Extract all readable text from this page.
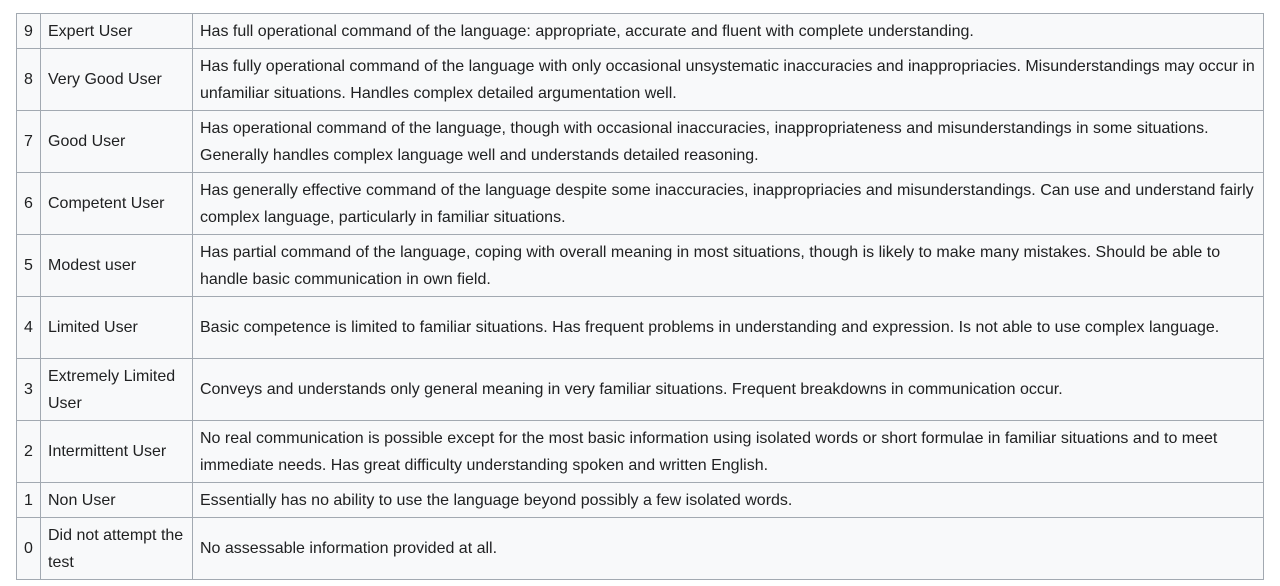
9	Expert User	Has full operational command of the language: appropriate, accurate and fluent with complete understanding.
8	Very Good User	Has fully operational command of the language with only occasional unsystematic inaccuracies and inappropriacies. Misunderstandings may occur in unfamiliar situations. Handles complex detailed argumentation well.
7	Good User	Has operational command of the language, though with occasional inaccuracies, inappropriateness and misunderstandings in some situations. Generally handles complex language well and understands detailed reasoning.
6	Competent User	Has generally effective command of the language despite some inaccuracies, inappropriacies and misunderstandings. Can use and understand fairly complex language, particularly in familiar situations.
5	Modest user	Has partial command of the language, coping with overall meaning in most situations, though is likely to make many mistakes. Should be able to handle basic communication in own field.
4	Limited User	Basic competence is limited to familiar situations. Has frequent problems in understanding and expression. Is not able to use complex language.
3	Extremely Limited User	Conveys and understands only general meaning in very familiar situations. Frequent breakdowns in communication occur.
2	Intermittent User	No real communication is possible except for the most basic information using isolated words or short formulae in familiar situations and to meet immediate needs. Has great difficulty understanding spoken and written English.
1	Non User	Essentially has no ability to use the language beyond possibly a few isolated words.
0	Did not attempt the test	No assessable information provided at all.
